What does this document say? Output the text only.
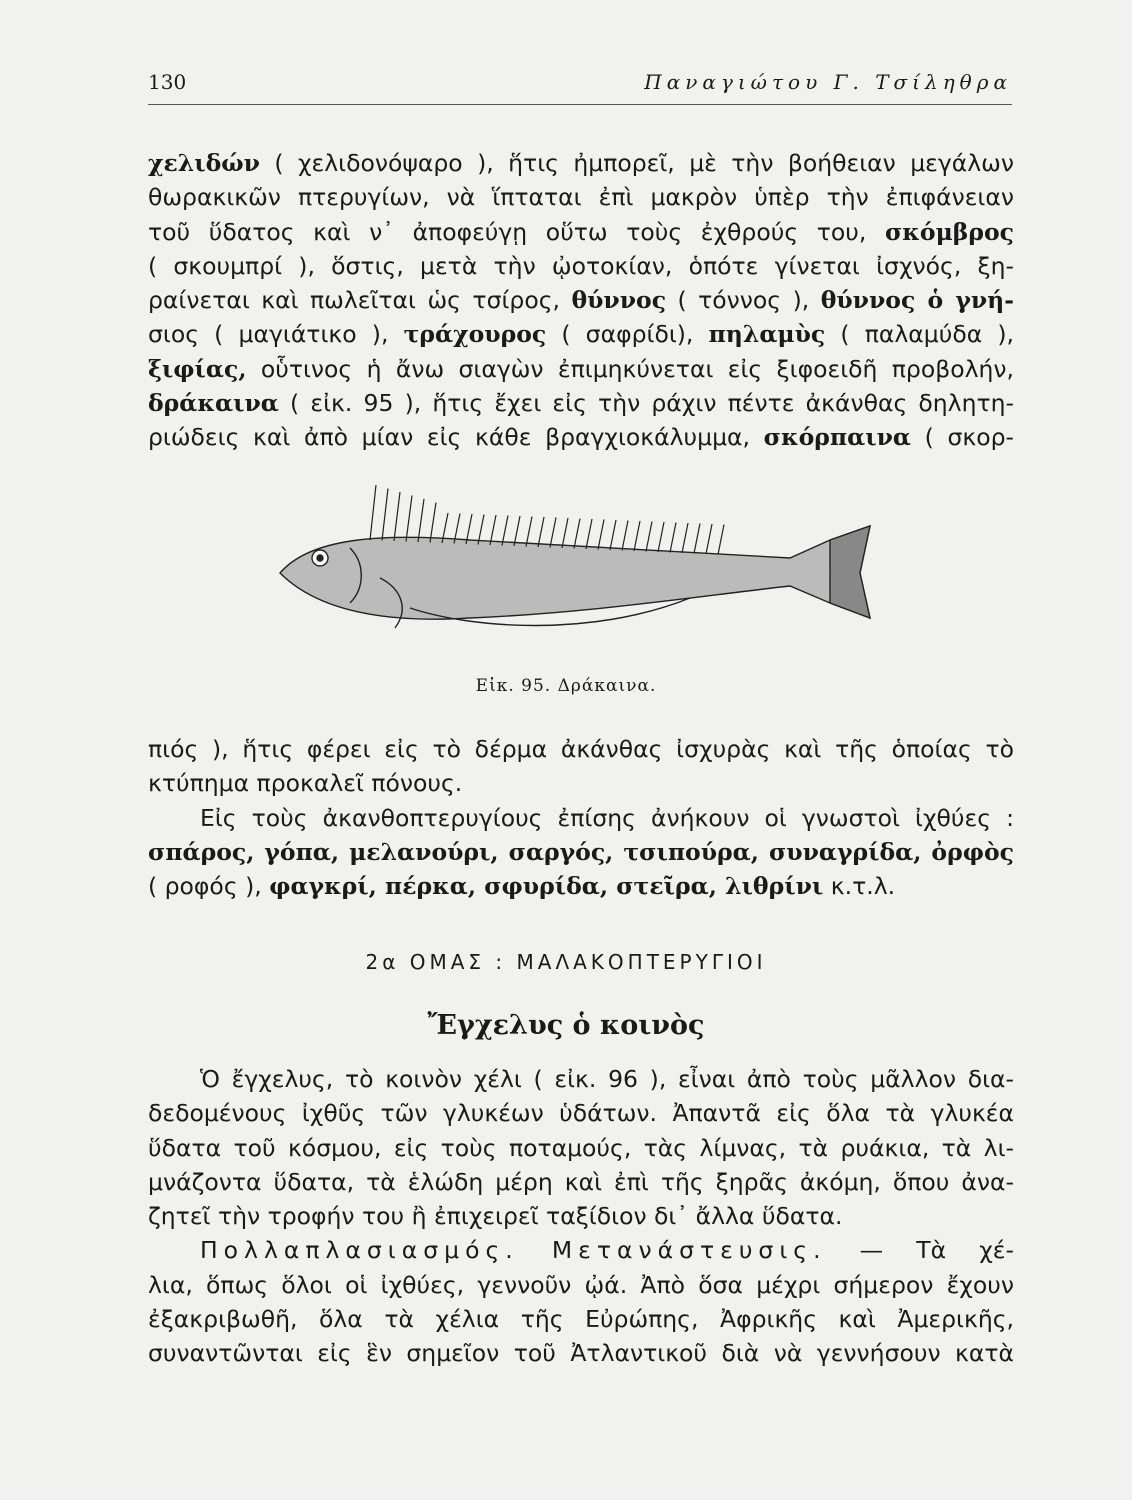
130	Παναγιώτου Γ. Τσίληθρα
χελιδών ( χελιδονόψαρο ), ἥτις ἠμπορεῖ, μὲ τὴν βοήθειαν μεγάλων
θωρακικῶν πτερυγίων, νὰ ἵπταται ἐπὶ μακρὸν ὑπὲρ τὴν ἐπιφάνειαν
τοῦ ὕδατος καὶ ν᾽ ἀποφεύγῃ οὕτω τοὺς ἐχθρούς του, σκόμβρος
( σκουμπρί ), ὅστις, μετὰ τὴν ᾠοτοκίαν, ὁπότε γίνεται ἰσχνός, ξη-
ραίνεται καὶ πωλεῖται ὡς τσίρος, θύννος ( τόννος ), θύννος ὁ γνή-
σιος ( μαγιάτικο ), τράχουρος ( σαφρίδι), πηλαμὺς ( παλαμύδα ),
ξιφίας, οὗτινος ἡ ἄνω σιαγὼν ἐπιμηκύνεται εἰς ξιφοειδῆ προβολήν,
δράκαινα ( εἰκ. 95 ), ἥτις ἔχει εἰς τὴν ράχιν πέντε ἀκάνθας δηλητη-
ριώδεις καὶ ἀπὸ μίαν εἰς κάθε βραγχιοκάλυμμα, σκόρπαινα ( σκορ-
Εἰκ. 95. Δράκαινα.
πιός ), ἥτις φέρει εἰς τὸ δέρμα ἀκάνθας ἰσχυρὰς καὶ τῆς ὁποίας τὸ
κτύπημα προκαλεῖ πόνους.
Εἰς τοὺς ἀκανθοπτερυγίους ἐπίσης ἀνήκουν οἱ γνωστοὶ ἰχθύες :
σπάρος, γόπα, μελανούρι, σαργός, τσιπούρα, συναγρίδα, ὀρφὸς
( ροφός ), φαγκρί, πέρκα, σφυρίδα, στεῖρα, λιθρίνι κ.τ.λ.
2α ΟΜΑΣ : ΜΑΛΑΚΟΠΤΕΡΥΓΙΟΙ
Ἔγχελυς ὁ κοινὸς
Ὁ ἔγχελυς, τὸ κοινὸν χέλι ( εἰκ. 96 ), εἶναι ἀπὸ τοὺς μᾶλλον δια-
δεδομένους ἰχθῦς τῶν γλυκέων ὑδάτων. Ἀπαντᾶ εἰς ὅλα τὰ γλυκέα
ὕδατα τοῦ κόσμου, εἰς τοὺς ποταμούς, τὰς λίμνας, τὰ ρυάκια, τὰ λι-
μνάζοντα ὕδατα, τὰ ἑλώδη μέρη καὶ ἐπὶ τῆς ξηρᾶς ἀκόμη, ὅπου ἀνα-
ζητεῖ τὴν τροφήν του ἢ ἐπιχειρεῖ ταξίδιον δι᾽ ἄλλα ὕδατα.
Πολλαπλασιασμός. Μετανάστευσις. — Τὰ χέ-
λια, ὅπως ὅλοι οἱ ἰχθύες, γεννοῦν ᾠά. Ἀπὸ ὅσα μέχρι σήμερον ἔχουν
ἐξακριβωθῆ, ὅλα τὰ χέλια τῆς Εὐρώπης, Ἀφρικῆς καὶ Ἀμερικῆς,
συναντῶνται εἰς ἓν σημεῖον τοῦ Ἀτλαντικοῦ διὰ νὰ γεννήσουν κατὰ
